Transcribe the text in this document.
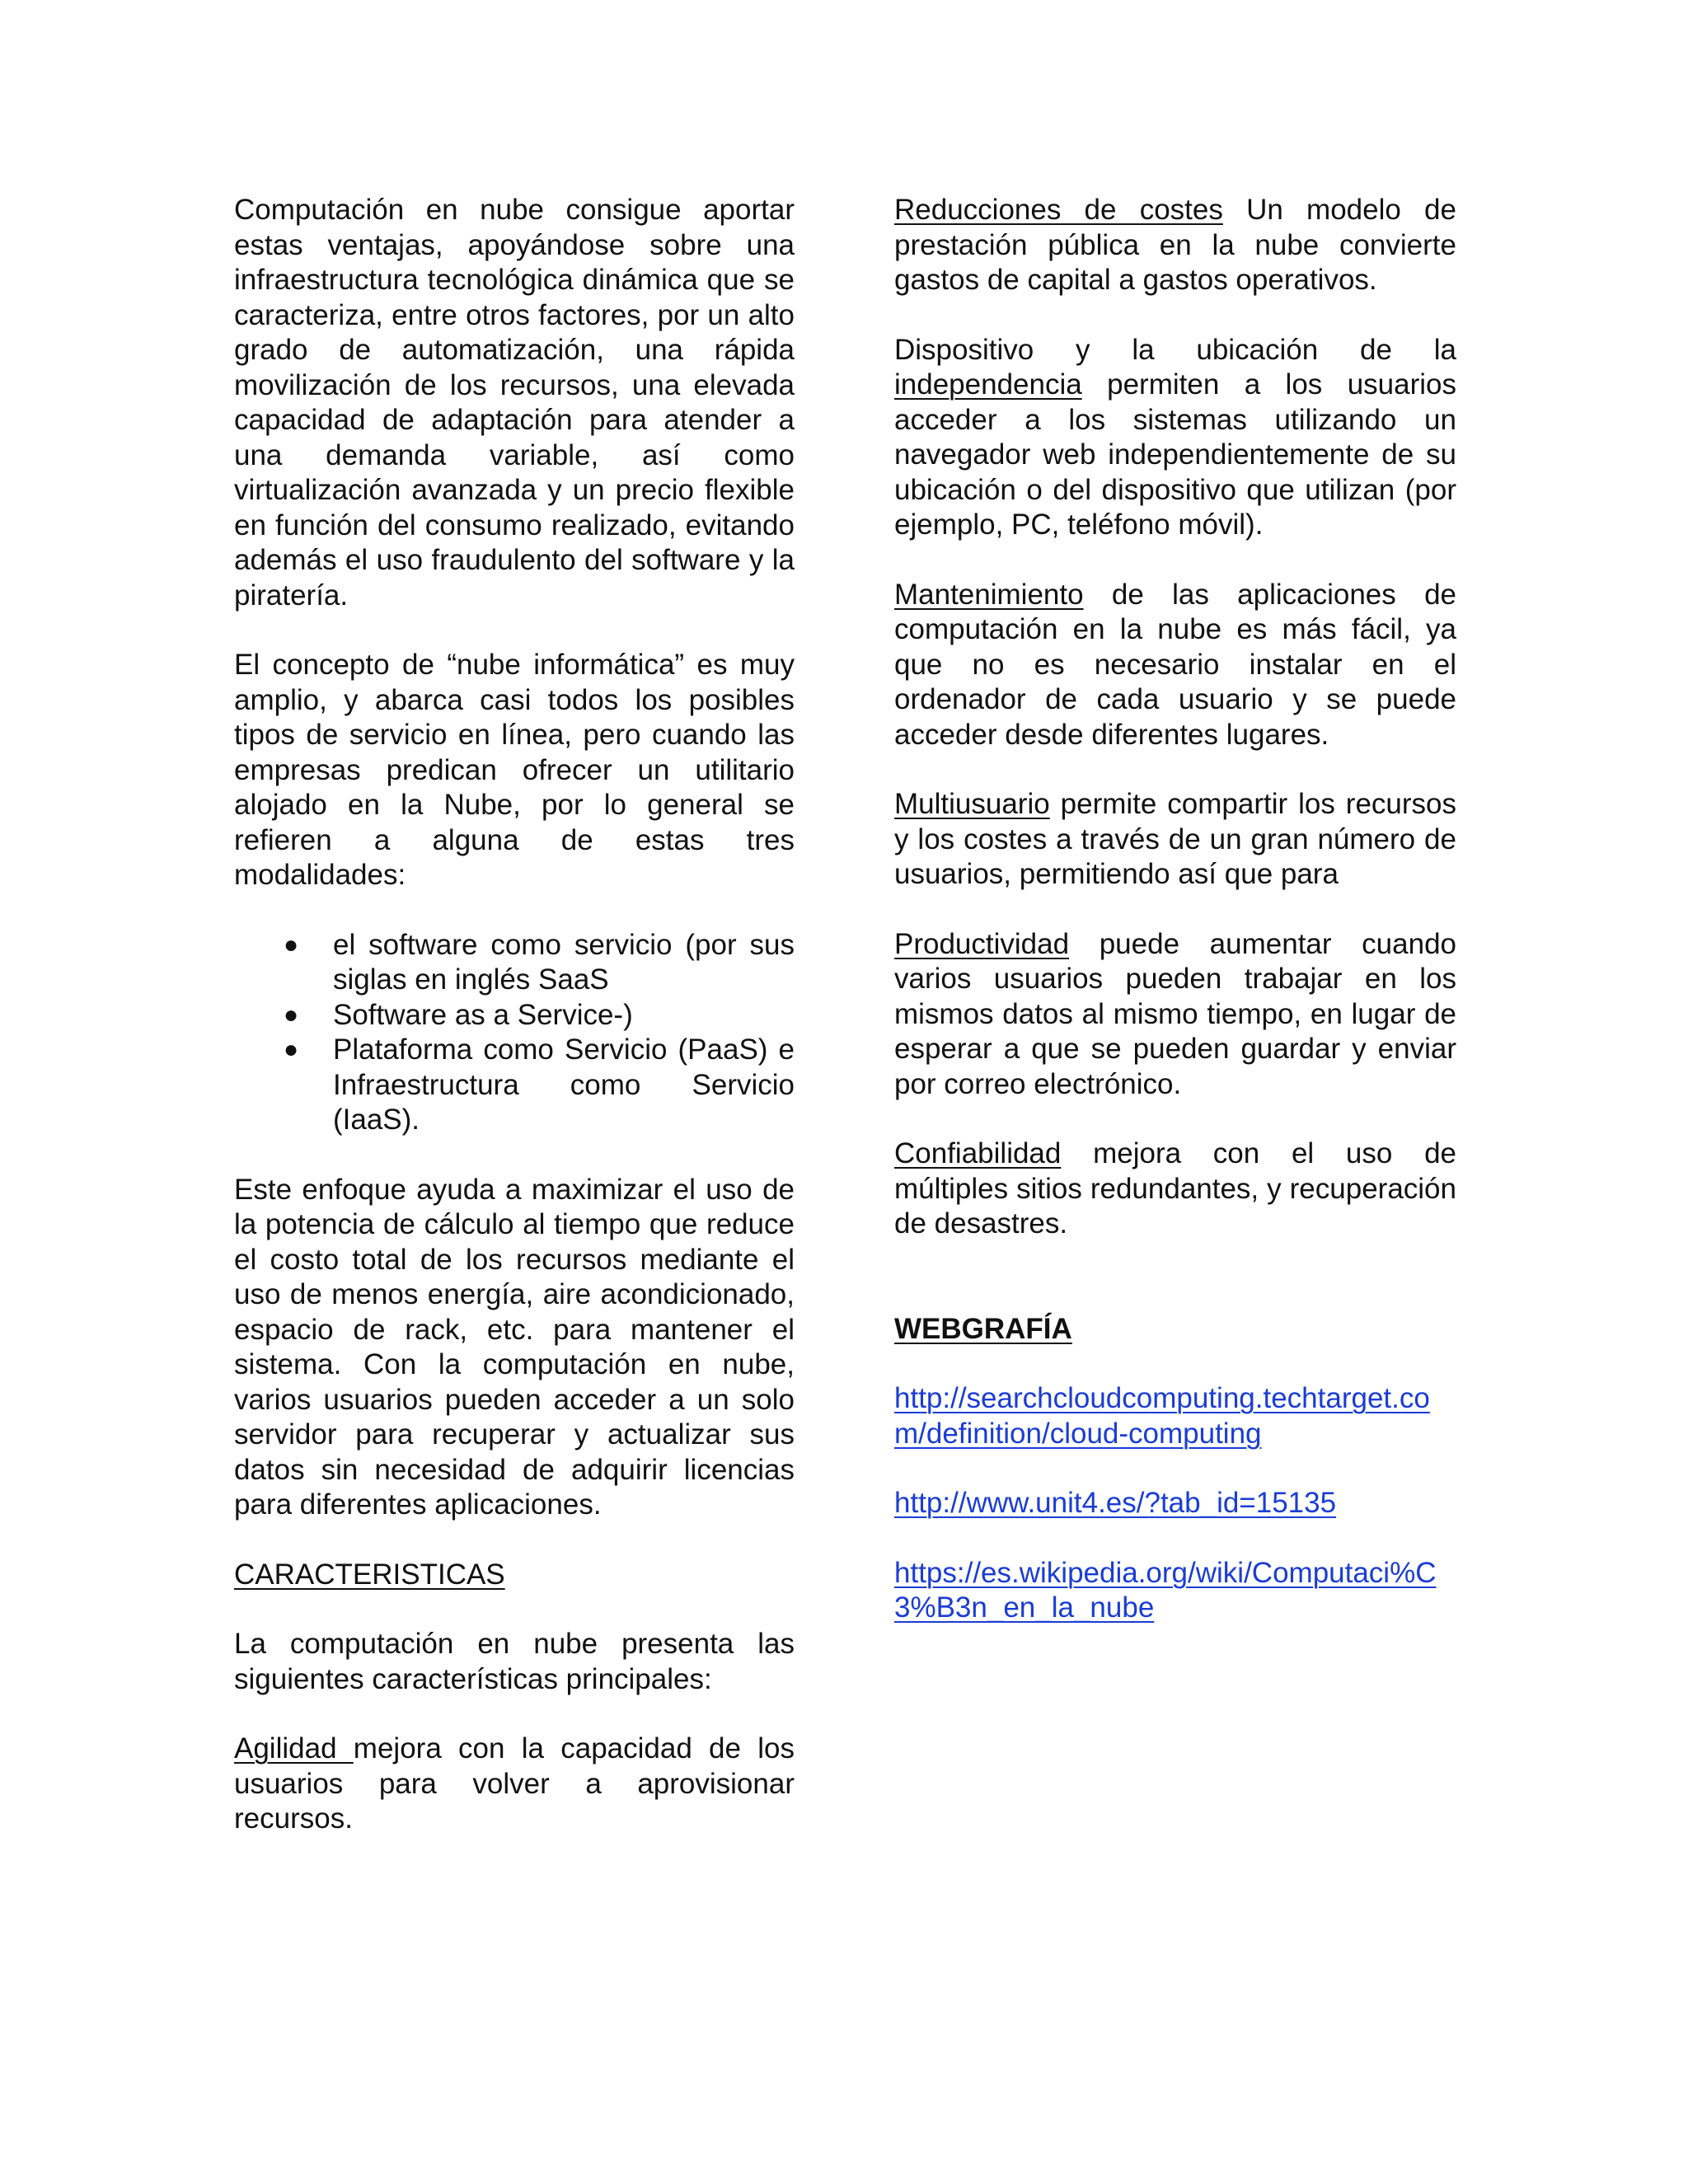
Computación en nube consigue aportar estas ventajas, apoyándose sobre una infraestructura tecnológica dinámica que se caracteriza, entre otros factores, por un alto grado de automatización, una rápida movilización de los recursos, una elevada capacidad de adaptación para atender a una demanda variable, así como virtualización avanzada y un precio flexible en función del consumo realizado, evitando además el uso fraudulento del software y la piratería.

El concepto de “nube informática” es muy amplio, y abarca casi todos los posibles tipos de servicio en línea, pero cuando las empresas predican ofrecer un utilitario alojado en la Nube, por lo general se refieren a alguna de estas tres modalidades:

● el software como servicio (por sus siglas en inglés SaaS
● Software as a Service-)
● Plataforma como Servicio (PaaS) e Infraestructura como Servicio (IaaS).

Este enfoque ayuda a maximizar el uso de la potencia de cálculo al tiempo que reduce el costo total de los recursos mediante el uso de menos energía, aire acondicionado, espacio de rack, etc. para mantener el sistema. Con la computación en nube, varios usuarios pueden acceder a un solo servidor para recuperar y actualizar sus datos sin necesidad de adquirir licencias para diferentes aplicaciones.

CARACTERISTICAS

La computación en nube presenta las siguientes características principales:

Agilidad mejora con la capacidad de los usuarios para volver a aprovisionar recursos.

Reducciones de costes Un modelo de prestación pública en la nube convierte gastos de capital a gastos operativos.

Dispositivo y la ubicación de la independencia permiten a los usuarios acceder a los sistemas utilizando un navegador web independientemente de su ubicación o del dispositivo que utilizan (por ejemplo, PC, teléfono móvil).

Mantenimiento de las aplicaciones de computación en la nube es más fácil, ya que no es necesario instalar en el ordenador de cada usuario y se puede acceder desde diferentes lugares.

Multiusuario permite compartir los recursos y los costes a través de un gran número de usuarios, permitiendo así que para

Productividad puede aumentar cuando varios usuarios pueden trabajar en los mismos datos al mismo tiempo, en lugar de esperar a que se pueden guardar y enviar por correo electrónico.

Confiabilidad mejora con el uso de múltiples sitios redundantes, y recuperación de desastres.

WEBGRAFÍA

http://searchcloudcomputing.techtarget.com/definition/cloud-computing
http://www.unit4.es/?tab_id=15135
https://es.wikipedia.org/wiki/Computaci%C3%B3n_en_la_nube
